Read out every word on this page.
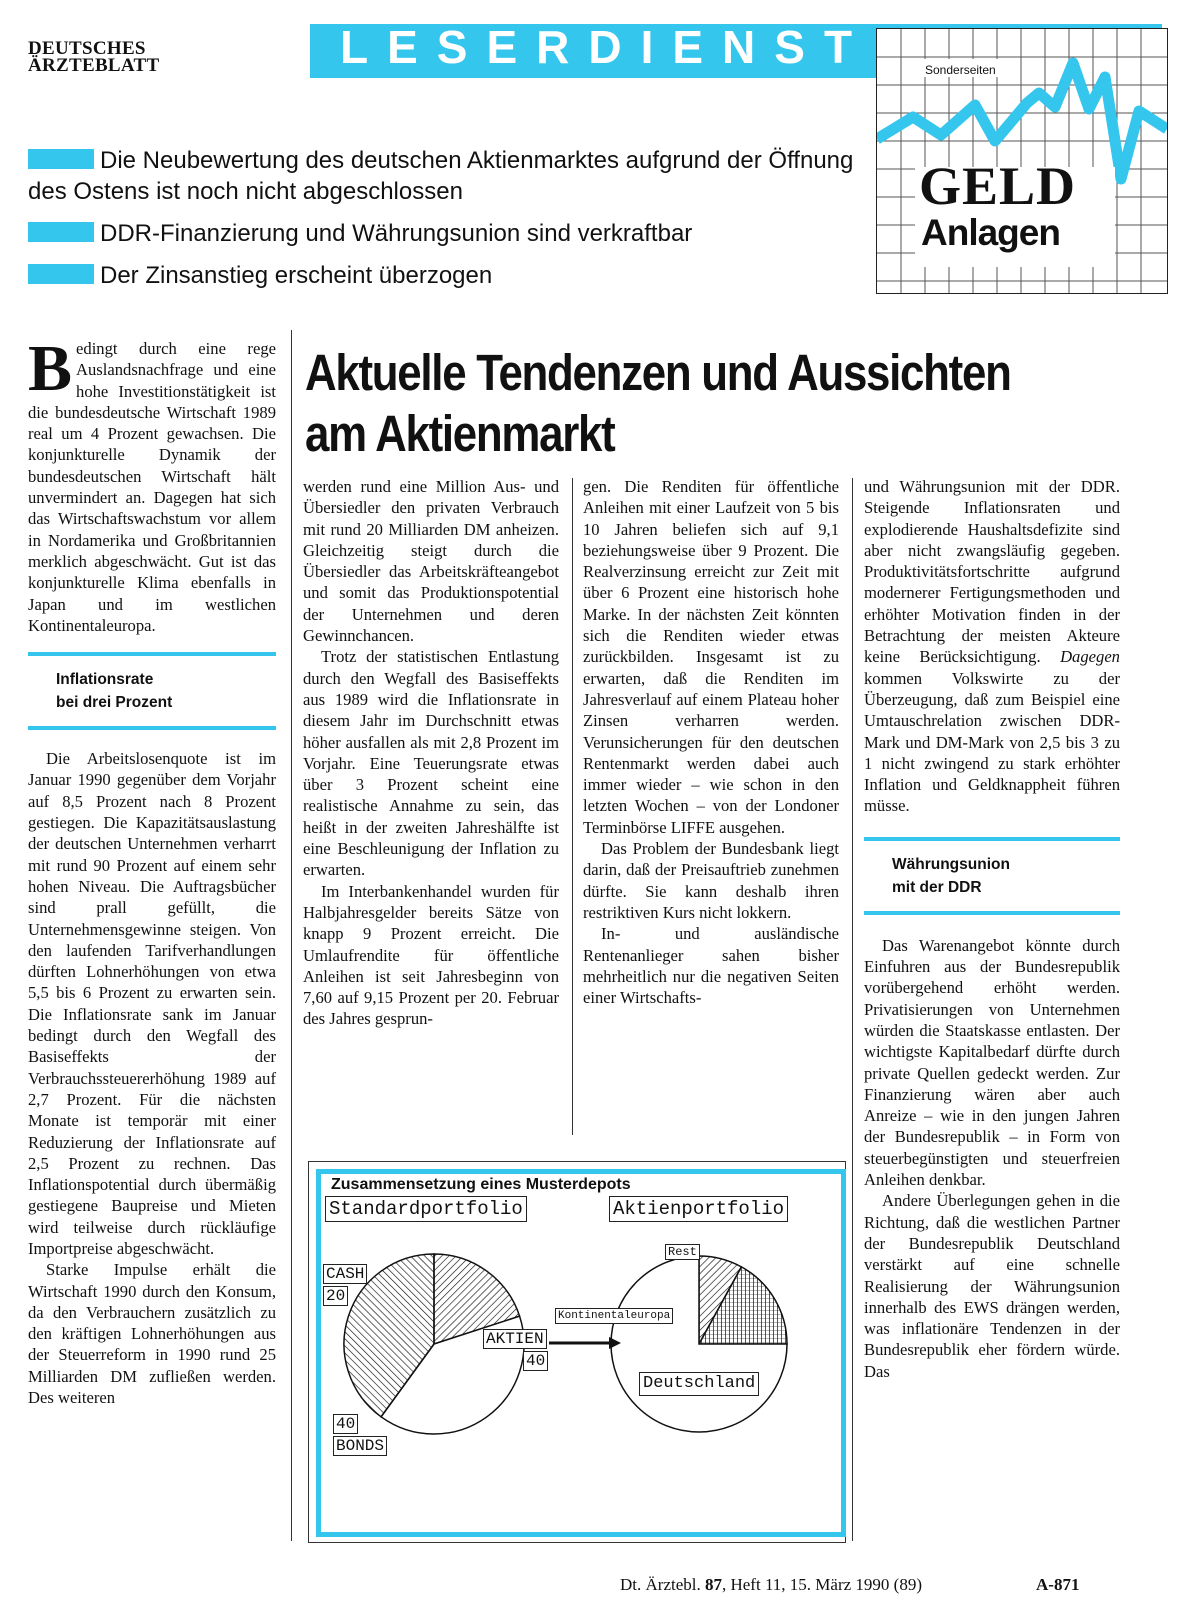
DEUTSCHES
ÄRZTEBLATT	LESERDIENST	Sonderseiten
GELD
Anlagen
Die Neubewertung des deutschen Aktienmarktes aufgrund der Öffnung des Ostens ist noch nicht abgeschlossen
DDR-Finanzierung und Währungsunion sind verkraftbar
Der Zinsanstieg erscheint überzogen
Aktuelle Tendenzen und Aussichten
am Aktienmarkt

Bedingt durch eine rege Auslandsnachfrage und eine hohe Investitionstätigkeit ist die bundesdeutsche Wirtschaft 1989 real um 4 Prozent gewachsen. Die konjunkturelle Dynamik der bundesdeutschen Wirtschaft hält unvermindert an. Dagegen hat sich das Wirtschaftswachstum vor allem in Nordamerika und Großbritannien merklich abgeschwächt. Gut ist das konjunkturelle Klima ebenfalls in Japan und im westlichen Kontinentaleuropa.

Inflationsrate
bei drei Prozent

Die Arbeitslosenquote ist im Januar 1990 gegenüber dem Vorjahr auf 8,5 Prozent nach 8 Prozent gestiegen. Die Kapazitätsauslastung der deutschen Unternehmen verharrt mit rund 90 Prozent auf einem sehr hohen Niveau. Die Auftragsbücher sind prall gefüllt, die Unternehmensgewinne steigen. Von den laufenden Tarifverhandlungen dürften Lohnerhöhungen von etwa 5,5 bis 6 Prozent zu erwarten sein. Die Inflationsrate sank im Januar bedingt durch den Wegfall des Basiseffekts der Verbrauchssteuererhöhung 1989 auf 2,7 Prozent. Für die nächsten Monate ist temporär mit einer Reduzierung der Inflationsrate auf 2,5 Prozent zu rechnen. Das Inflationspotential durch übermäßig gestiegene Baupreise und Mieten wird teilweise durch rückläufige Importpreise abgeschwächt.

Starke Impulse erhält die Wirtschaft 1990 durch den Konsum, da den Verbrauchern zusätzlich zu den kräftigen Lohnerhöhungen aus der Steuerreform in 1990 rund 25 Milliarden DM zufließen werden. Des weiteren

werden rund eine Million Aus- und Übersiedler den privaten Verbrauch mit rund 20 Milliarden DM anheizen. Gleichzeitig steigt durch die Übersiedler das Arbeitskräfteangebot und somit das Produktionspotential der Unternehmen und deren Gewinnchancen.

Trotz der statistischen Entlastung durch den Wegfall des Basiseffekts aus 1989 wird die Inflationsrate in diesem Jahr im Durchschnitt etwas höher ausfallen als mit 2,8 Prozent im Vorjahr. Eine Teuerungsrate etwas über 3 Prozent scheint eine realistische Annahme zu sein, das heißt in der zweiten Jahreshälfte ist eine Beschleunigung der Inflation zu erwarten.

Im Interbankenhandel wurden für Halbjahresgelder bereits Sätze von knapp 9 Prozent erreicht. Die Umlaufrendite für öffentliche Anleihen ist seit Jahresbeginn von 7,60 auf 9,15 Prozent per 20. Februar des Jahres gesprun-

gen. Die Renditen für öffentliche Anleihen mit einer Laufzeit von 5 bis 10 Jahren beliefen sich auf 9,1 beziehungsweise über 9 Prozent. Die Realverzinsung erreicht zur Zeit mit über 6 Prozent eine historisch hohe Marke. In der nächsten Zeit könnten sich die Renditen wieder etwas zurückbilden. Insgesamt ist zu erwarten, daß die Renditen im Jahresverlauf auf einem Plateau hoher Zinsen verharren werden. Verunsicherungen für den deutschen Rentenmarkt werden dabei auch immer wieder – wie schon in den letzten Wochen – von der Londoner Terminbörse LIFFE ausgehen.

Das Problem der Bundesbank liegt darin, daß der Preisauftrieb zunehmen dürfte. Sie kann deshalb ihren restriktiven Kurs nicht lokkern.

In- und ausländische Rentenanlieger sahen bisher mehrheitlich nur die negativen Seiten einer Wirtschafts-

und Währungsunion mit der DDR. Steigende Inflationsraten und explodierende Haushaltsdefizite sind aber nicht zwangsläufig gegeben. Produktivitätsfortschritte aufgrund modernerer Fertigungsmethoden und erhöhter Motivation finden in der Betrachtung der meisten Akteure keine Berücksichtigung. Dagegen kommen Volkswirte zu der Überzeugung, daß zum Beispiel eine Umtauschrelation zwischen DDR-Mark und DM-Mark von 2,5 bis 3 zu 1 nicht zwingend zu stark erhöhter Inflation und Geldknappheit führen müsse.

Währungsunion
mit der DDR

Das Warenangebot könnte durch Einfuhren aus der Bundesrepublik vorübergehend erhöht werden. Privatisierungen von Unternehmen würden die Staatskasse entlasten. Der wichtigste Kapitalbedarf dürfte durch private Quellen gedeckt werden. Zur Finanzierung wären aber auch Anreize – wie in den jungen Jahren der Bundesrepublik – in Form von steuerbegünstigten und steuerfreien Anleihen denkbar.

Andere Überlegungen gehen in die Richtung, daß die westlichen Partner der Bundesrepublik Deutschland verstärkt auf eine schnelle Realisierung der Währungsunion innerhalb des EWS drängen werden, was inflationäre Tendenzen in der Bundesrepublik eher fördern würde. Das

Zusammensetzung eines Musterdepots
Standardportfolio	Aktienportfolio
CASH
20
AKTIEN
40
40
BONDS
Rest
Kontinentaleuropa
Deutschland
Dt. Ärztebl. 87, Heft 11, 15. März 1990 (89)	A-871
